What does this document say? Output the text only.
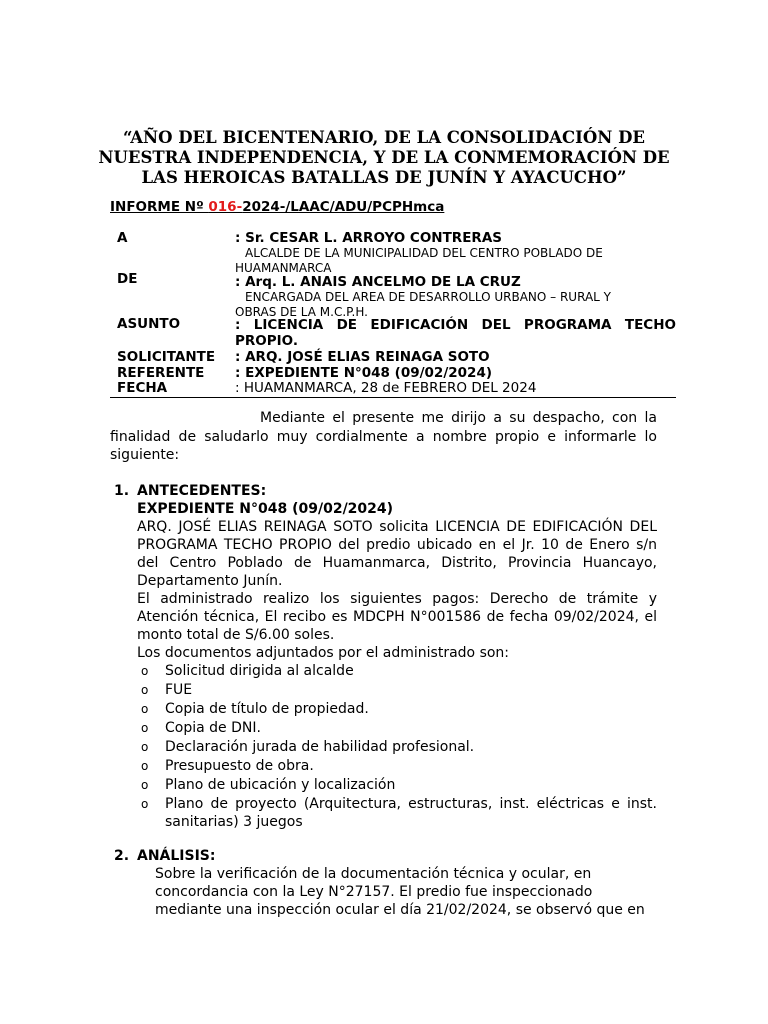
“AÑO DEL BICENTENARIO, DE LA CONSOLIDACIÓN DE
NUESTRA INDEPENDENCIA, Y DE LA CONMEMORACIÓN DE
LAS HEROICAS BATALLAS DE JUNÍN Y AYACUCHO”
INFORME Nº 016-2024-/LAAC/ADU/PCPHmca
A	: Sr. CESAR L. ARROYO CONTRERAS
ALCALDE DE LA MUNICIPALIDAD DEL CENTRO POBLADO DE
HUAMANMARCA
DE	: Arq. L. ANAIS ANCELMO DE LA CRUZ
ENCARGADA DEL AREA DE DESARROLLO URBANO – RURAL Y
OBRAS DE LA M.C.P.H.
ASUNTO	: LICENCIA DE EDIFICACIÓN DEL PROGRAMA TECHO PROPIO.
SOLICITANTE : ARQ. JOSÉ ELIAS REINAGA SOTO
REFERENTE : EXPEDIENTE N°048 (09/02/2024)
FECHA	: HUAMANMARCA, 28 de FEBRERO DEL 2024
Mediante el presente me dirijo a su despacho, con la finalidad de saludarlo muy cordialmente a nombre propio e informarle lo siguiente:
1. ANTECEDENTES:
EXPEDIENTE N°048 (09/02/2024)

ARQ. JOSÉ ELIAS REINAGA SOTO solicita LICENCIA DE EDIFICACIÓN DEL PROGRAMA TECHO PROPIO del predio ubicado en el Jr. 10 de Enero s/n del Centro Poblado de Huamanmarca, Distrito, Provincia Huancayo, Departamento Junín.

El administrado realizo los siguientes pagos: Derecho de trámite y Atención técnica, El recibo es MDCPH N°001586 de fecha 09/02/2024, el monto total de S/6.00 soles.

Los documentos adjuntados por el administrado son:

o Solicitud dirigida al alcalde
o FUE
o Copia de título de propiedad.
o Copia de DNI.
o Declaración jurada de habilidad profesional.
o Presupuesto de obra.
o Plano de ubicación y localización
o Plano de proyecto (Arquitectura, estructuras, inst. eléctricas e inst. sanitarias) 3 juegos
2. ANÁLISIS:

Sobre la verificación de la documentación técnica y ocular, en concordancia con la Ley N°27157. El predio fue inspeccionado mediante una inspección ocular el día 21/02/2024, se observó que en
